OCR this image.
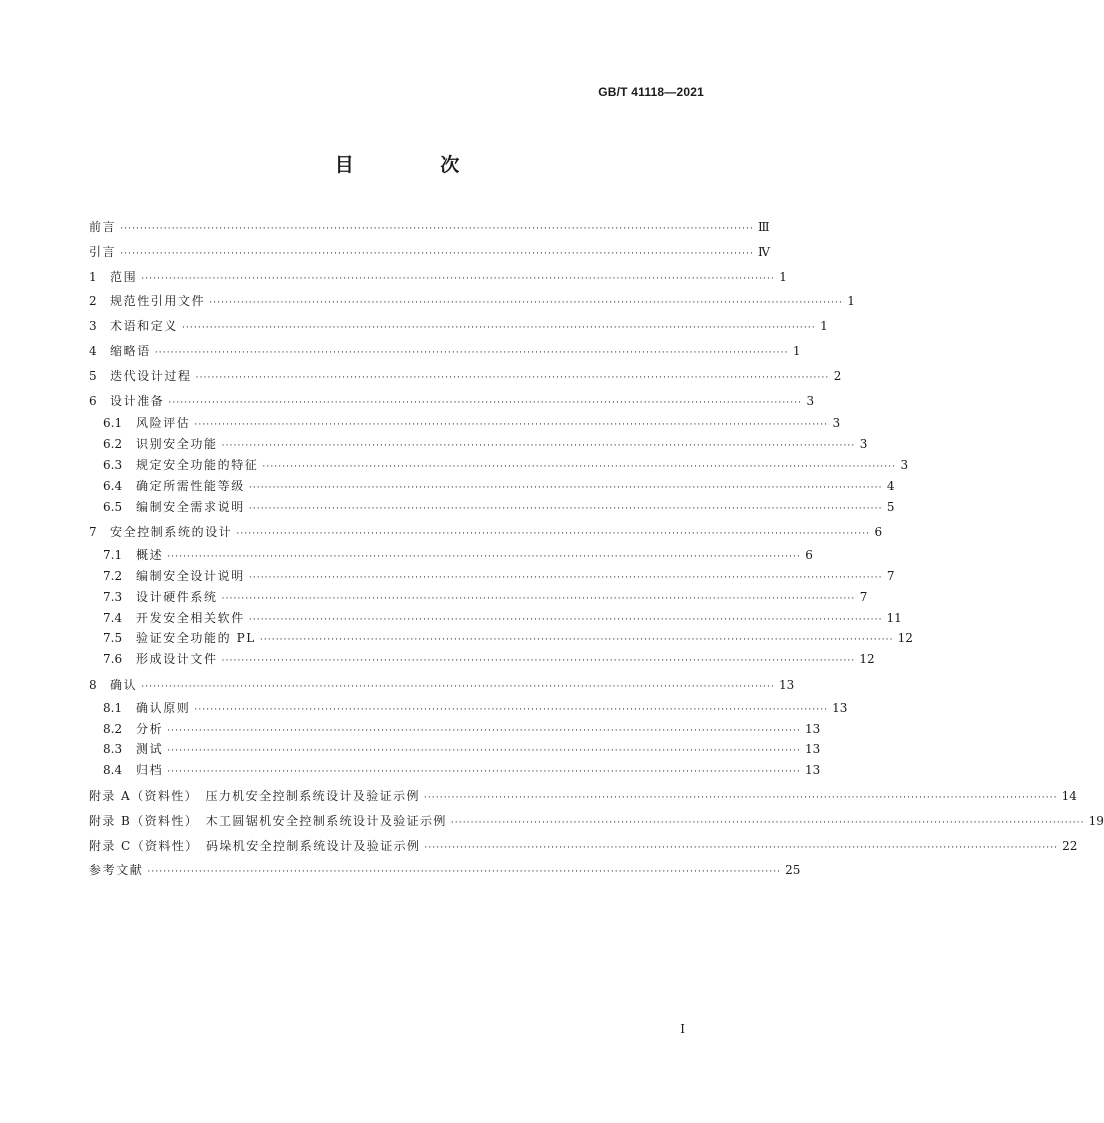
GB/T 41118—2021
目 次
前言 ································································································································································ Ⅲ
引言 ································································································································································ Ⅳ
1	范围 ································································································································································ 1
2	规范性引用文件 ································································································································································ 1
3	术语和定义 ································································································································································ 1
4	缩略语 ································································································································································ 1
5	迭代设计过程 ································································································································································ 2
6	设计准备 ································································································································································ 3
6.1	风险评估 ································································································································································ 3
6.2	识别安全功能 ································································································································································ 3
6.3	规定安全功能的特征 ································································································································································ 3
6.4	确定所需性能等级 ································································································································································ 4
6.5	编制安全需求说明 ································································································································································ 5
7	安全控制系统的设计 ································································································································································ 6
7.1	概述 ································································································································································ 6
7.2	编制安全设计说明 ································································································································································ 7
7.3	设计硬件系统 ································································································································································ 7
7.4	开发安全相关软件 ································································································································································ 11
7.5	验证安全功能的 PL ································································································································································ 12
7.6	形成设计文件 ································································································································································ 12
8	确认 ································································································································································ 13
8.1	确认原则 ································································································································································ 13
8.2	分析 ································································································································································ 13
8.3	测试 ································································································································································ 13
8.4	归档 ································································································································································ 13
附录 A（资料性）　压力机安全控制系统设计及验证示例 ································································································································································ 14
附录 B（资料性）　木工圆锯机安全控制系统设计及验证示例 ································································································································································ 19
附录 C（资料性）　码垛机安全控制系统设计及验证示例 ································································································································································ 22
参考文献 ································································································································································ 25
I
